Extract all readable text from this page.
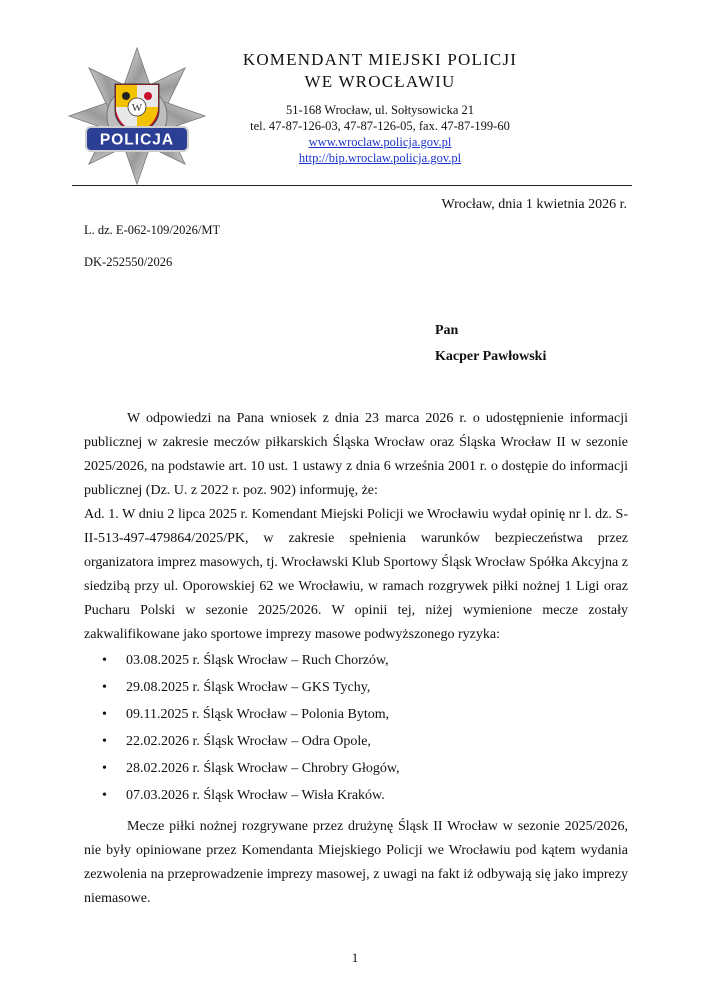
W
POLICJA
KOMENDANT MIEJSKI POLICJI
WE WROCŁAWIU
51-168 Wrocław, ul. Sołtysowicka 21
tel. 47-87-126-03, 47-87-126-05, fax. 47-87-199-60
www.wroclaw.policja.gov.pl
http://bip.wroclaw.policja.gov.pl
Wrocław, dnia 1 kwietnia 2026 r.
L. dz. E-062-109/2026/MT
DK-252550/2026
Pan
Kacper Pawłowski

W odpowiedzi na Pana wniosek z dnia 23 marca 2026 r. o udostępnienie informacji publicznej w zakresie meczów piłkarskich Śląska Wrocław oraz Śląska Wrocław II w sezonie 2025/2026, na podstawie art. 10 ust. 1 ustawy z dnia 6 września 2001 r. o dostępie do informacji publicznej (Dz. U. z 2022 r. poz. 902) informuję, że:

Ad. 1. W dniu 2 lipca 2025 r. Komendant Miejski Policji we Wrocławiu wydał opinię nr l. dz. S-II-513-497-479864/2025/PK, w zakresie spełnienia warunków bezpieczeństwa przez organizatora imprez masowych, tj. Wrocławski Klub Sportowy Śląsk Wrocław Spółka Akcyjna z siedzibą przy ul. Oporowskiej 62 we Wrocławiu, w ramach rozgrywek piłki nożnej 1 Ligi oraz Pucharu Polski w sezonie 2025/2026. W opinii tej, niżej wymienione mecze zostały zakwalifikowane jako sportowe imprezy masowe podwyższonego ryzyka:

• 03.08.2025 r. Śląsk Wrocław – Ruch Chorzów,
• 29.08.2025 r. Śląsk Wrocław – GKS Tychy,
• 09.11.2025 r. Śląsk Wrocław – Polonia Bytom,
• 22.02.2026 r. Śląsk Wrocław – Odra Opole,
• 28.02.2026 r. Śląsk Wrocław – Chrobry Głogów,
• 07.03.2026 r. Śląsk Wrocław – Wisła Kraków.

Mecze piłki nożnej rozgrywane przez drużynę Śląsk II Wrocław w sezonie 2025/2026, nie były opiniowane przez Komendanta Miejskiego Policji we Wrocławiu pod kątem wydania zezwolenia na przeprowadzenie imprezy masowej, z uwagi na fakt iż odbywają się jako imprezy niemasowe.

1
